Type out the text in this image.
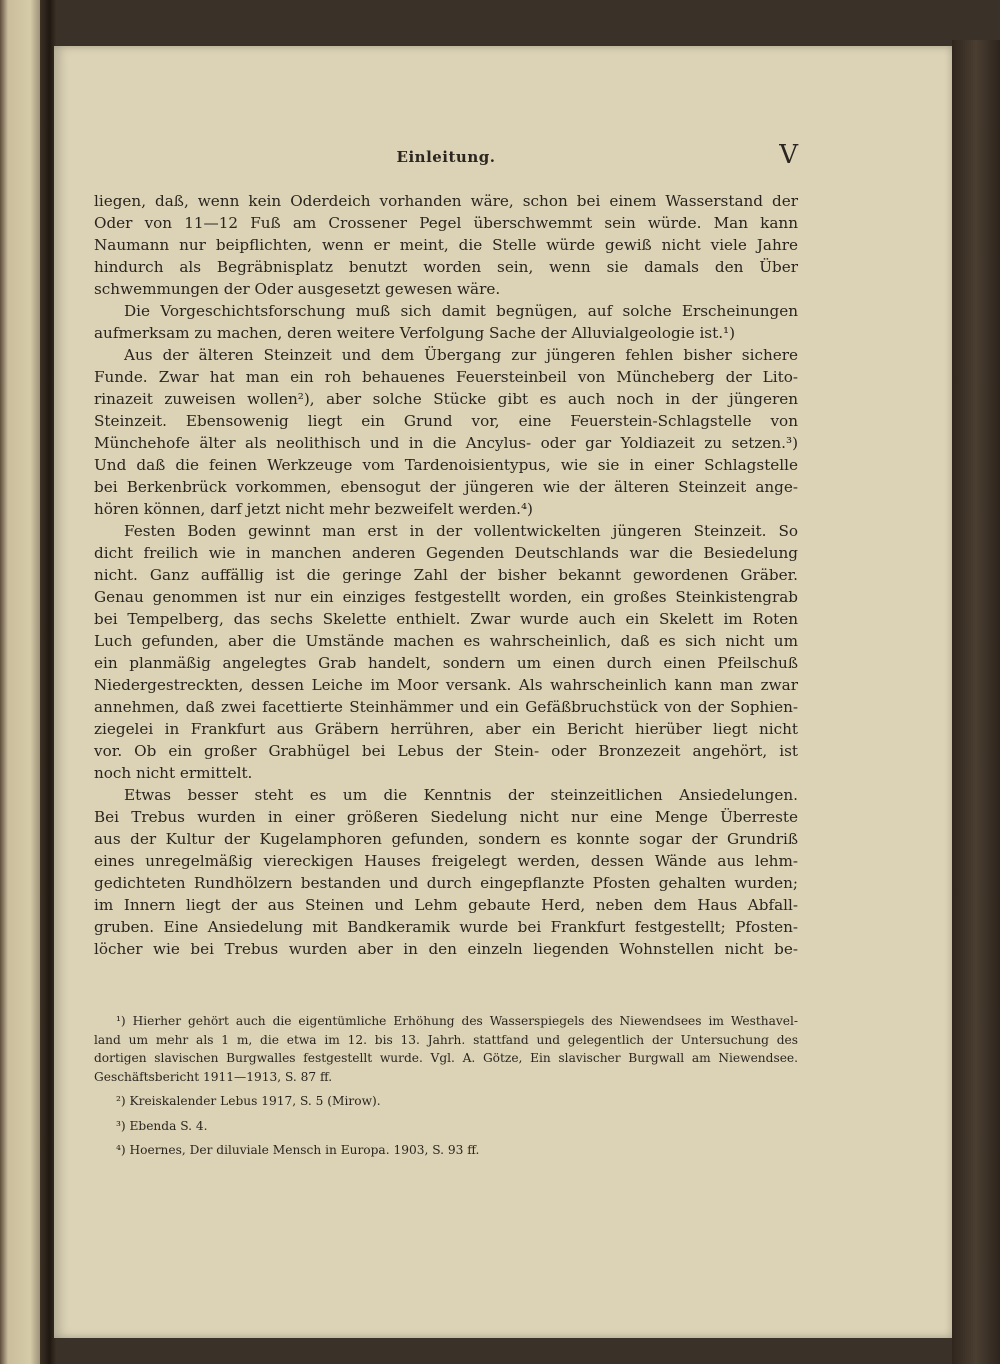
Einleitung.	V

liegen, daß, wenn kein Oderdeich vorhanden wäre, schon bei einem Wasserstand der
Oder von 11—12 Fuß am Crossener Pegel überschwemmt sein würde. Man kann
Naumann nur beipflichten, wenn er meint, die Stelle würde gewiß nicht viele Jahre
hindurch als Begräbnisplatz benutzt worden sein, wenn sie damals den Über
schwemmungen der Oder ausgesetzt gewesen wäre.

Die Vorgeschichtsforschung muß sich damit begnügen, auf solche Erscheinungen
aufmerksam zu machen, deren weitere Verfolgung Sache der Alluvialgeologie ist.¹)

Aus der älteren Steinzeit und dem Übergang zur jüngeren fehlen bisher sichere
Funde. Zwar hat man ein roh behauenes Feuersteinbeil von Müncheberg der Lito-
rinazeit zuweisen wollen²), aber solche Stücke gibt es auch noch in der jüngeren
Steinzeit. Ebensowenig liegt ein Grund vor, eine Feuerstein-Schlagstelle von
Münchehofe älter als neolithisch und in die Ancylus- oder gar Yoldiazeit zu setzen.³)
Und daß die feinen Werkzeuge vom Tardenoisientypus, wie sie in einer Schlagstelle
bei Berkenbrück vorkommen, ebensogut der jüngeren wie der älteren Steinzeit ange-
hören können, darf jetzt nicht mehr bezweifelt werden.⁴)

Festen Boden gewinnt man erst in der vollentwickelten jüngeren Steinzeit. So
dicht freilich wie in manchen anderen Gegenden Deutschlands war die Besiedelung
nicht. Ganz auffällig ist die geringe Zahl der bisher bekannt gewordenen Gräber.
Genau genommen ist nur ein einziges festgestellt worden, ein großes Steinkistengrab
bei Tempelberg, das sechs Skelette enthielt. Zwar wurde auch ein Skelett im Roten
Luch gefunden, aber die Umstände machen es wahrscheinlich, daß es sich nicht um
ein planmäßig angelegtes Grab handelt, sondern um einen durch einen Pfeilschuß
Niedergestreckten, dessen Leiche im Moor versank. Als wahrscheinlich kann man zwar
annehmen, daß zwei facettierte Steinhämmer und ein Gefäßbruchstück von der Sophien-
ziegelei in Frankfurt aus Gräbern herrühren, aber ein Bericht hierüber liegt nicht
vor. Ob ein großer Grabhügel bei Lebus der Stein- oder Bronzezeit angehört, ist
noch nicht ermittelt.

Etwas besser steht es um die Kenntnis der steinzeitlichen Ansiedelungen.
Bei Trebus wurden in einer größeren Siedelung nicht nur eine Menge Überreste
aus der Kultur der Kugelamphoren gefunden, sondern es konnte sogar der Grundriß
eines unregelmäßig viereckigen Hauses freigelegt werden, dessen Wände aus lehm-
gedichteten Rundhölzern bestanden und durch eingepflanzte Pfosten gehalten wurden;
im Innern liegt der aus Steinen und Lehm gebaute Herd, neben dem Haus Abfall-
gruben. Eine Ansiedelung mit Bandkeramik wurde bei Frankfurt festgestellt; Pfosten-
löcher wie bei Trebus wurden aber in den einzeln liegenden Wohnstellen nicht be-

¹) Hierher gehört auch die eigentümliche Erhöhung des Wasserspiegels des Niewendsees im Westhavel-
land um mehr als 1 m, die etwa im 12. bis 13. Jahrh. stattfand und gelegentlich der Untersuchung des
dortigen slavischen Burgwalles festgestellt wurde. Vgl. A. Götze, Ein slavischer Burgwall am Niewendsee.
Geschäftsbericht 1911—1913, S. 87 ff.
²) Kreiskalender Lebus 1917, S. 5 (Mirow).
³) Ebenda S. 4.
⁴) Hoernes, Der diluviale Mensch in Europa. 1903, S. 93 ff.
